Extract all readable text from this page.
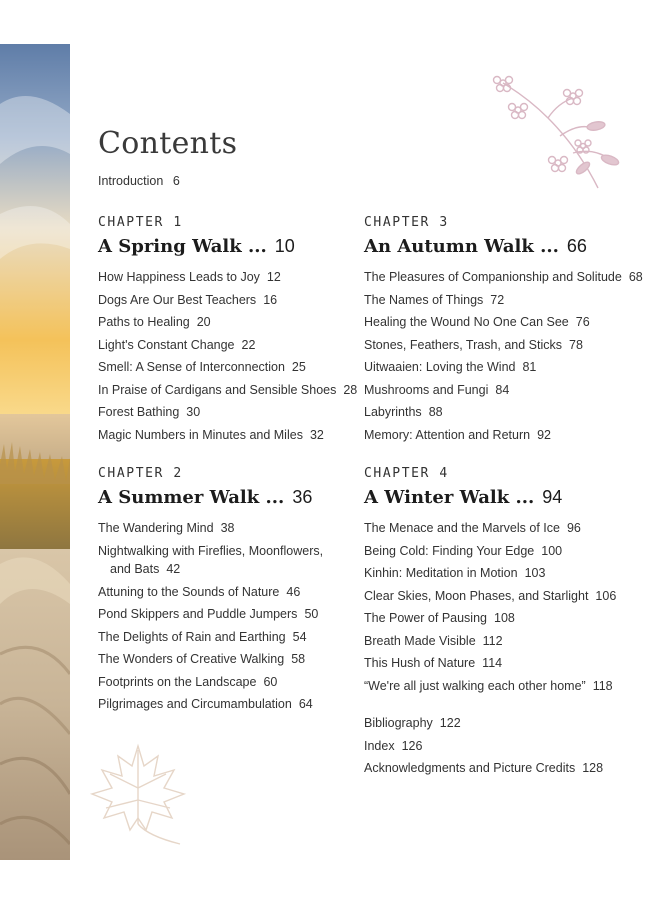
Contents
Introduction 6
CHAPTER 1
A Spring Walk ... 10
How Happiness Leads to Joy 12
Dogs Are Our Best Teachers 16
Paths to Healing 20
Light's Constant Change 22
Smell: A Sense of Interconnection 25
In Praise of Cardigans and Sensible Shoes 28
Forest Bathing 30
Magic Numbers in Minutes and Miles 32
CHAPTER 3
An Autumn Walk ... 66
The Pleasures of Companionship and Solitude 68
The Names of Things 72
Healing the Wound No One Can See 76
Stones, Feathers, Trash, and Sticks 78
Uitwaaien: Loving the Wind 81
Mushrooms and Fungi 84
Labyrinths 88
Memory: Attention and Return 92
CHAPTER 2
A Summer Walk ... 36
The Wandering Mind 38
Nightwalking with Fireflies, Moonflowers, and Bats 42
Attuning to the Sounds of Nature 46
Pond Skippers and Puddle Jumpers 50
The Delights of Rain and Earthing 54
The Wonders of Creative Walking 58
Footprints on the Landscape 60
Pilgrimages and Circumambulation 64
CHAPTER 4
A Winter Walk ... 94
The Menace and the Marvels of Ice 96
Being Cold: Finding Your Edge 100
Kinhin: Meditation in Motion 103
Clear Skies, Moon Phases, and Starlight 106
The Power of Pausing 108
Breath Made Visible 112
This Hush of Nature 114
“We're all just walking each other home” 118
Bibliography 122
Index 126
Acknowledgments and Picture Credits 128
